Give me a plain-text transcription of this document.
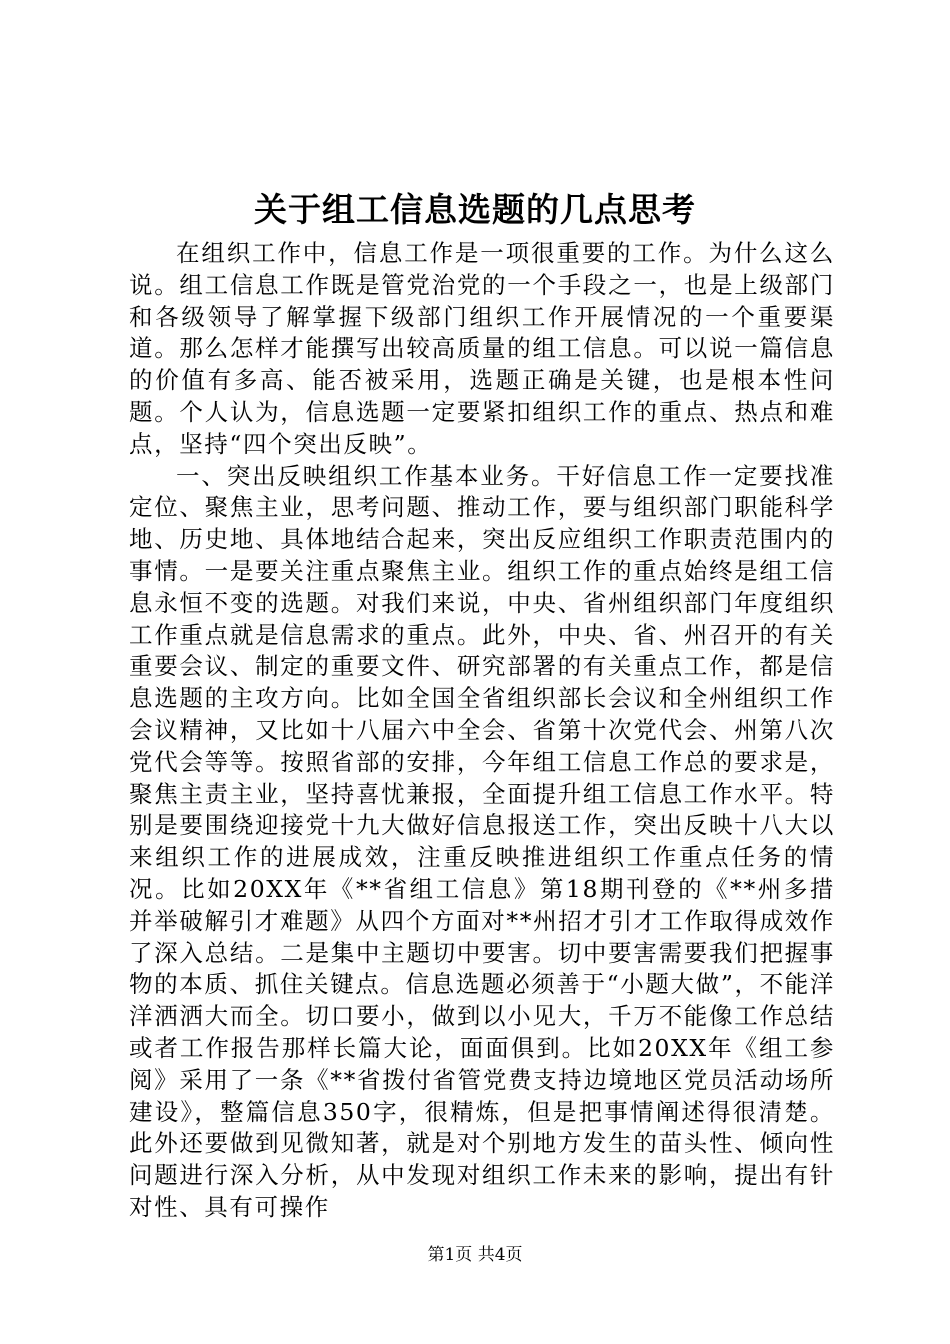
关于组工信息选题的几点思考

在组织工作中，信息工作是一项很重要的工作。为什么这么说。组工信息工作既是管党治党的一个手段之一，也是上级部门和各级领导了解掌握下级部门组织工作开展情况的一个重要渠道。那么怎样才能撰写出较高质量的组工信息。可以说一篇信息的价值有多高、能否被采用，选题正确是关键，也是根本性问题。个人认为，信息选题一定要紧扣组织工作的重点、热点和难点，坚持“四个突出反映”。

一、突出反映组织工作基本业务。干好信息工作一定要找准定位、聚焦主业，思考问题、推动工作，要与组织部门职能科学地、历史地、具体地结合起来，突出反应组织工作职责范围内的事情。一是要关注重点聚焦主业。组织工作的重点始终是组工信息永恒不变的选题。对我们来说，中央、省州组织部门年度组织工作重点就是信息需求的重点。此外，中央、省、州召开的有关重要会议、制定的重要文件、研究部署的有关重点工作，都是信息选题的主攻方向。比如全国全省组织部长会议和全州组织工作会议精神，又比如十八届六中全会、省第十次党代会、州第八次党代会等等。按照省部的安排，今年组工信息工作总的要求是，聚焦主责主业，坚持喜忧兼报，全面提升组工信息工作水平。特别是要围绕迎接党十九大做好信息报送工作，突出反映十八大以来组织工作的进展成效，注重反映推进组织工作重点任务的情况。比如20XX年《**省组工信息》第18期刊登的《**州多措并举破解引才难题》从四个方面对**州招才引才工作取得成效作了深入总结。二是集中主题切中要害。切中要害需要我们把握事物的本质、抓住关键点。信息选题必须善于“小题大做”，不能洋洋洒洒大而全。切口要小，做到以小见大，千万不能像工作总结或者工作报告那样长篇大论，面面俱到。比如20XX年《组工参阅》采用了一条《**省拨付省管党费支持边境地区党员活动场所建设》，整篇信息350字，很精炼，但是把事情阐述得很清楚。此外还要做到见微知著，就是对个别地方发生的苗头性、倾向性问题进行深入分析，从中发现对组织工作未来的影响，提出有针对性、具有可操作

第1页 共4页
